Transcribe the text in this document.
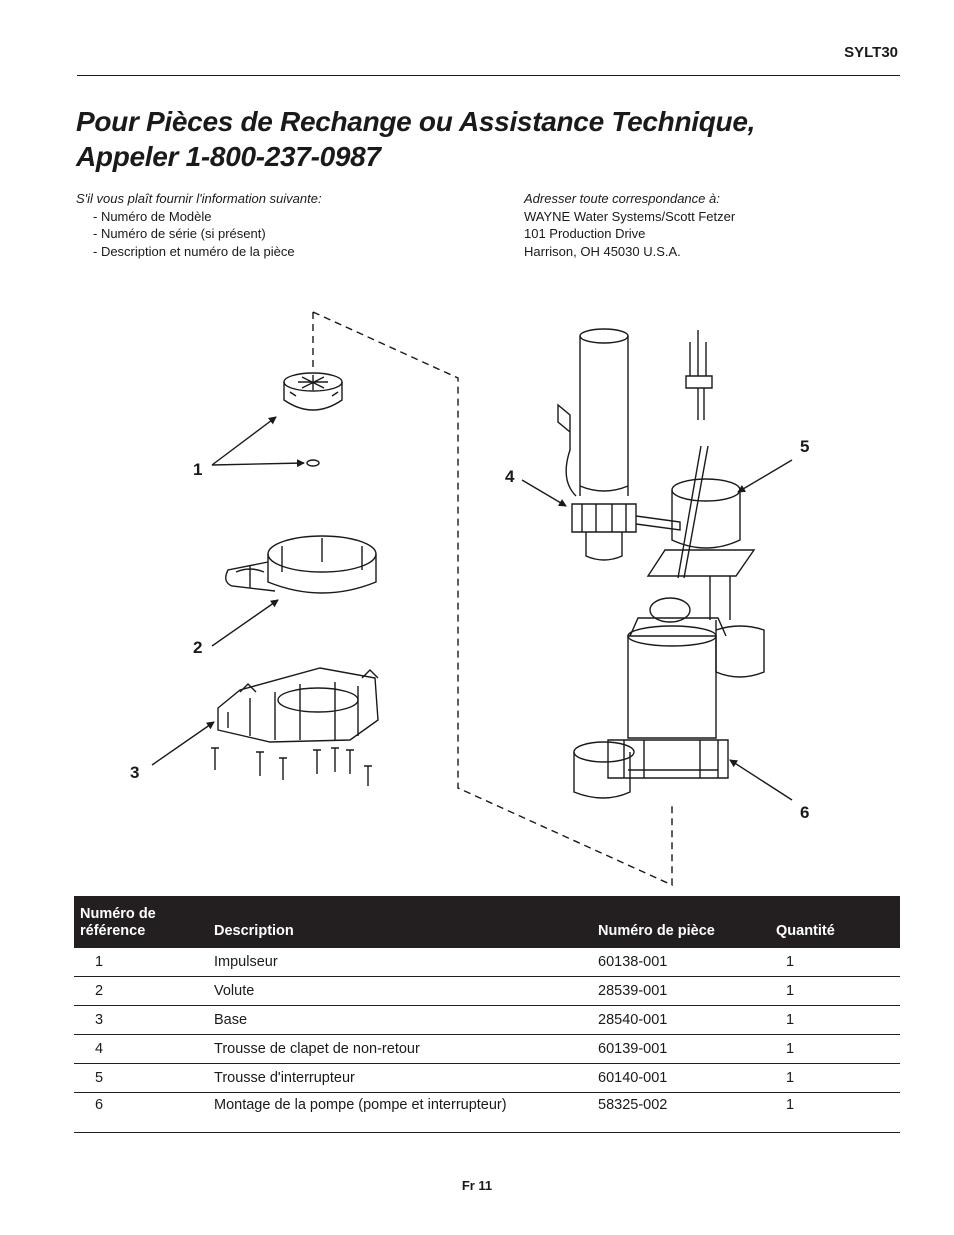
SYLT30
Pour Pièces de Rechange ou Assistance Technique,
Appeler 1-800-237-0987
S'il vous plaît fournir l'information suivante:
- Numéro de Modèle
- Numéro de série (si présent)
- Description et numéro de la pièce
Adresser toute correspondance à:
WAYNE Water Systems/Scott Fetzer
101 Production Drive
Harrison, OH 45030 U.S.A.
1
2
3
4
5
6
Numéro de
référence	Description	Numéro de pièce	Quantité
1	Impulseur	60138-001	1
2	Volute	28539-001	1
3	Base	28540-001	1
4	Trousse de clapet de non-retour	60139-001	1
5	Trousse d'interrupteur	60140-001	1
6	Montage de la pompe (pompe et interrupteur)	58325-002	1
Fr 11
